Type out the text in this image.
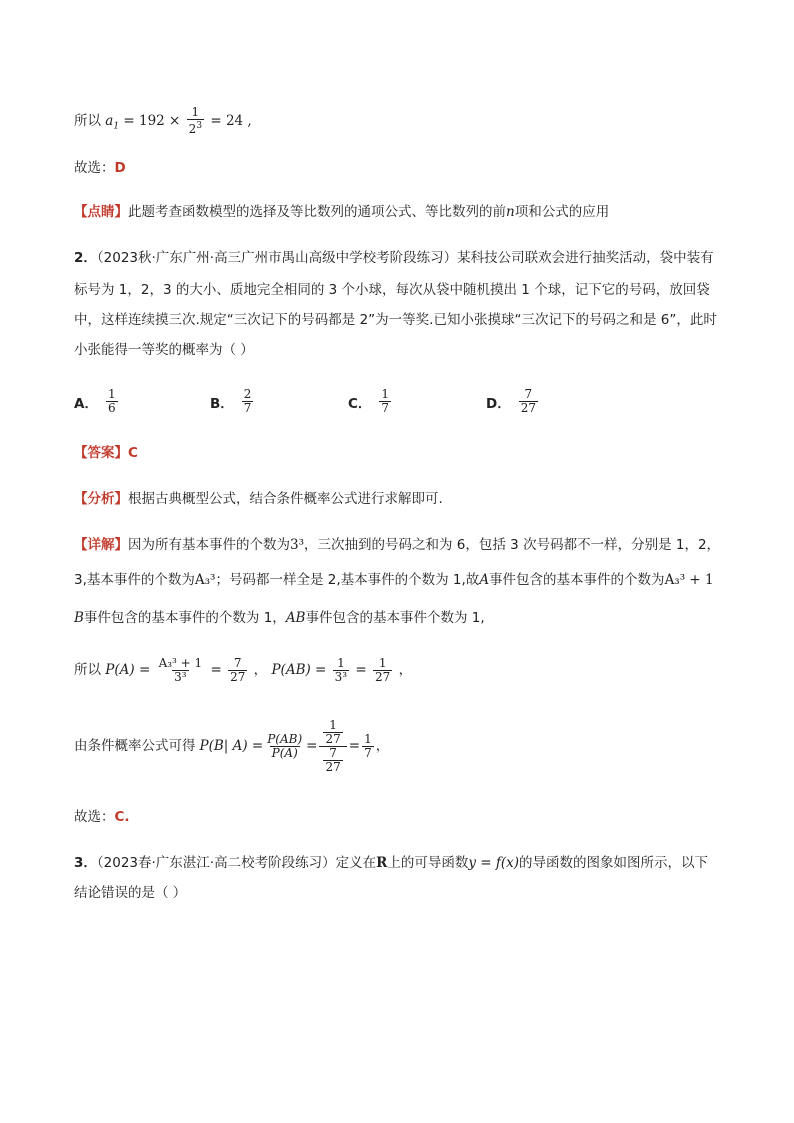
所以 $a_1 = 192 \times \frac{1}{2^3} = 24$ ,
故选：D
【点睛】此题考查函数模型的选择及等比数列的通项公式、等比数列的前n项和公式的应用
2．（2023秋·广东广州·高三广州市禺山高级中学校考阶段练习）某科技公司联欢会进行抽奖活动，袋中装有
标号为 1，2，3 的大小、质地完全相同的 3 个小球，每次从袋中随机摸出 1 个球，记下它的号码，放回袋
中，这样连续摸三次.规定“三次记下的号码都是 2”为一等奖.已知小张摸球“三次记下的号码之和是 6”，此时
小张能得一等奖的概率为（ ）
A． $\frac{1}{6}$	B． $\frac{2}{7}$	C． $\frac{1}{7}$	D． $\frac{7}{27}$
【答案】C
【分析】根据古典概型公式，结合条件概率公式进行求解即可.
【详解】因为所有基本事件的个数为3³，三次抽到的号码之和为 6，包括 3 次号码都不一样，分别是 1，2，
3,基本事件的个数为A₃³；号码都一样全是 2,基本事件的个数为 1,故A事件包含的基本事件的个数为A₃³ + 1
B事件包含的基本事件的个数为 1，AB事件包含的基本事件个数为 1,
所以 $P(A) = \frac{\text{A₃³ + 1}}{\text{3³}} = \frac{7}{27}$ ， $P(AB) = \frac{1}{\text{3³}} = \frac{1}{27}$ ，
由条件概率公式可得 P(B| $A) = \frac{P(AB)}{P(A)} = \frac{\frac{1}{27}}{\frac{7}{27}} = \frac{1}{7}$ ，
故选：C.
3．（2023春·广东湛江·高二校考阶段练习）定义在R上的可导函数y = f(x)的导函数的图象如图所示，以下
结论错误的是（ ）
